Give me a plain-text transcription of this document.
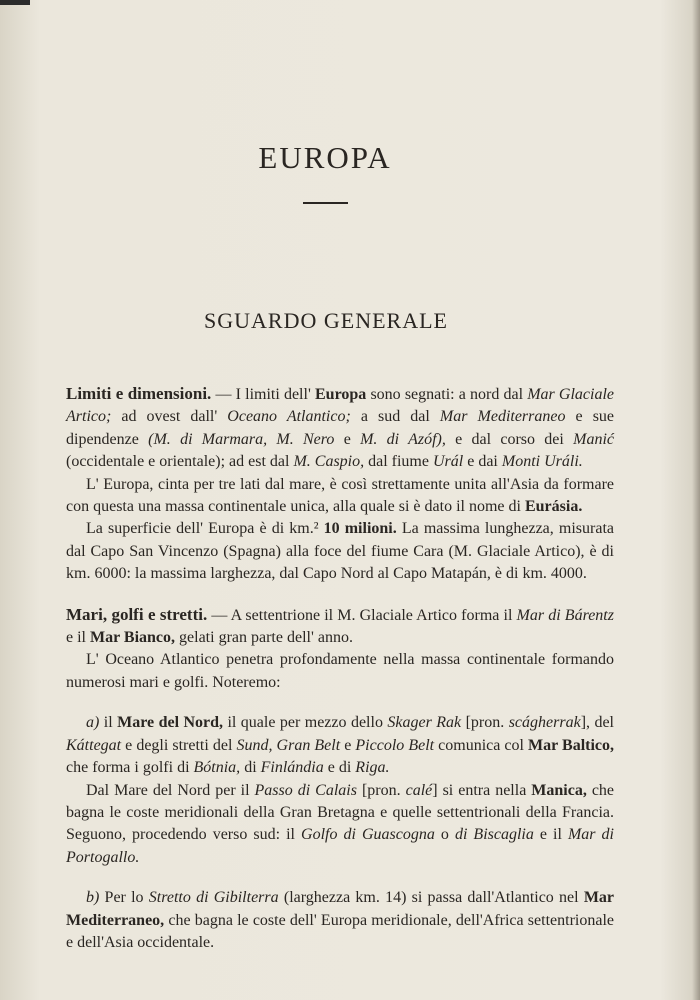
EUROPA
SGUARDO GENERALE

Limiti e dimensioni. — I limiti dell' Europa sono segnati: a nord dal Mar Glaciale Artico; ad ovest dall' Oceano Atlantico; a sud dal Mar Mediterraneo e sue dipendenze (M. di Marmara, M. Nero e M. di Azóf), e dal corso dei Manić (occidentale e orientale); ad est dal M. Caspio, dal fiume Urál e dai Monti Uráli.

L' Europa, cinta per tre lati dal mare, è così strettamente unita all'Asia da formare con questa una massa continentale unica, alla quale si è dato il nome di Eurásia.

La superficie dell' Europa è di km.² 10 milioni. La massima lunghezza, misurata dal Capo San Vincenzo (Spagna) alla foce del fiume Cara (M. Glaciale Artico), è di km. 6000: la massima larghezza, dal Capo Nord al Capo Matapán, è di km. 4000.

Mari, golfi e stretti. — A settentrione il M. Glaciale Artico forma il Mar di Bárentz e il Mar Bianco, gelati gran parte dell' anno.

L' Oceano Atlantico penetra profondamente nella massa continentale formando numerosi mari e golfi. Noteremo:

a) il Mare del Nord, il quale per mezzo dello Skager Rak [pron. scágherrak], del Káttegat e degli stretti del Sund, Gran Belt e Piccolo Belt comunica col Mar Baltico, che forma i golfi di Bótnia, di Finlándia e di Riga.

Dal Mare del Nord per il Passo di Calais [pron. calé] si entra nella Manica, che bagna le coste meridionali della Gran Bretagna e quelle settentrionali della Francia. Seguono, procedendo verso sud: il Golfo di Guascogna o di Biscaglia e il Mar di Portogallo.

b) Per lo Stretto di Gibilterra (larghezza km. 14) si passa dall'Atlantico nel Mar Mediterraneo, che bagna le coste dell' Europa meridionale, dell'Africa settentrionale e dell'Asia occidentale.
